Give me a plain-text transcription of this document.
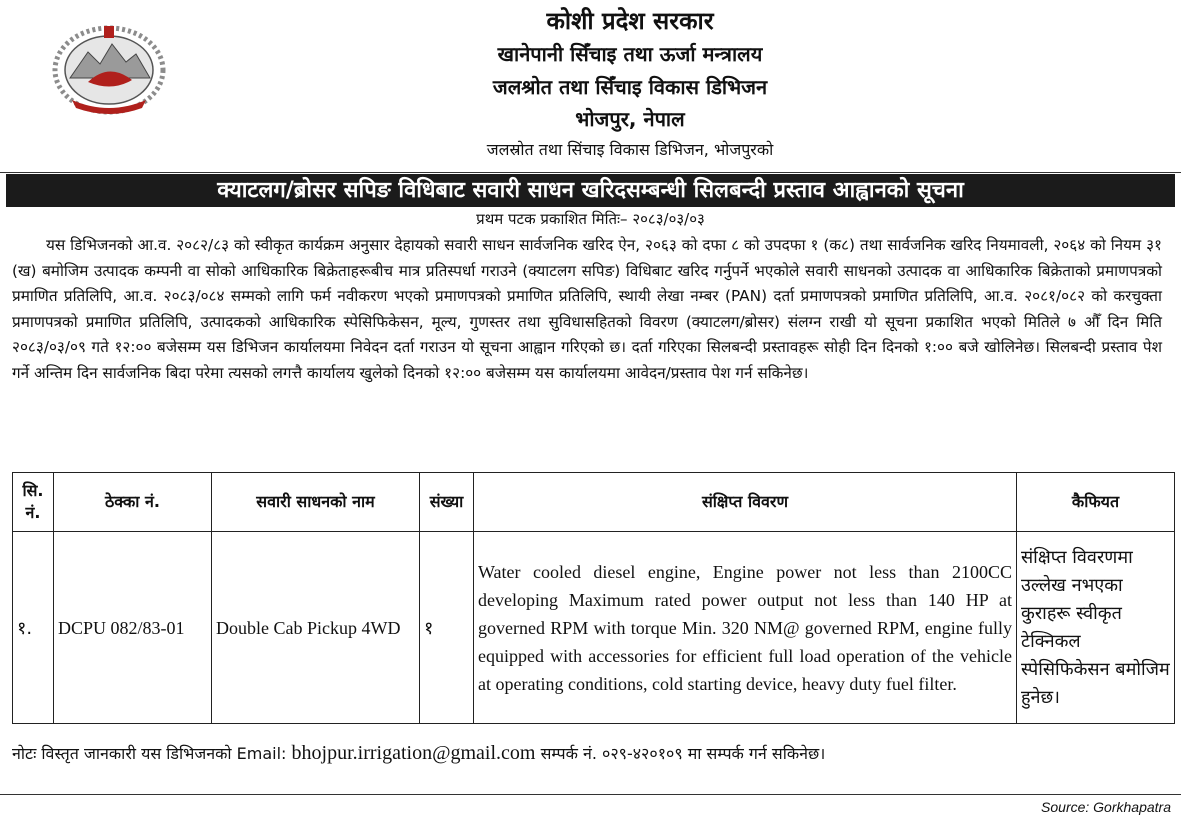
कोशी प्रदेश सरकार
खानेपानी सिँचाइ तथा ऊर्जा मन्त्रालय
जलश्रोत तथा सिँचाइ विकास डिभिजन
भोजपुर, नेपाल
जलस्रोत तथा सिंचाइ विकास डिभिजन, भोजपुरको
क्याटलग/ब्रोसर सपिङ विधिबाट सवारी साधन खरिदसम्बन्धी सिलबन्दी प्रस्ताव आह्वानको सूचना
प्रथम पटक प्रकाशित मितिः– २०८३/०३/०३
यस डिभिजनको आ.व. २०८२/८३ को स्वीकृत कार्यक्रम अनुसार देहायको सवारी साधन सार्वजनिक खरिद ऐन, २०६३ को दफा ८ को उपदफा १ (क८) तथा सार्वजनिक खरिद नियमावली, २०६४ को नियम ३१ (ख) बमोजिम उत्पादक कम्पनी वा सोको आधिकारिक बिक्रेताहरूबीच मात्र प्रतिस्पर्धा गराउने (क्याटलग सपिङ) विधिबाट खरिद गर्नुपर्ने भएकोले सवारी साधनको उत्पादक वा आधिकारिक बिक्रेताको प्रमाणपत्रको प्रमाणित प्रतिलिपि, आ.व. २०८३/०८४ सम्मको लागि फर्म नवीकरण भएको प्रमाणपत्रको प्रमाणित प्रतिलिपि, स्थायी लेखा नम्बर (PAN) दर्ता प्रमाणपत्रको प्रमाणित प्रतिलिपि, आ.व. २०८१/०८२ को करचुक्ता प्रमाणपत्रको प्रमाणित प्रतिलिपि, उत्पादकको आधिकारिक स्पेसिफिकेसन, मूल्य, गुणस्तर तथा सुविधासहितको विवरण (क्याटलग/ब्रोसर) संलग्न राखी यो सूचना प्रकाशित भएको मितिले ७ औँ दिन मिति २०८३/०३/०९ गते १२:०० बजेसम्म यस डिभिजन कार्यालयमा निवेदन दर्ता गराउन यो सूचना आह्वान गरिएको छ। दर्ता गरिएका सिलबन्दी प्रस्तावहरू सोही दिन दिनको १:०० बजे खोलिनेछ। सिलबन्दी प्रस्ताव पेश गर्ने अन्तिम दिन सार्वजनिक बिदा परेमा त्यसको लगत्तै कार्यालय खुलेको दिनको १२:०० बजेसम्म यस कार्यालयमा आवेदन/प्रस्ताव पेश गर्न सकिनेछ।
सि. नं.	ठेक्का नं.	सवारी साधनको नाम	संख्या	संक्षिप्त विवरण	कैफियत
१.	DCPU 082/83-01	Double Cab Pickup 4WD	१	Water cooled diesel engine, Engine power not less than 2100CC developing Maximum rated power output not less than 140 HP at governed RPM with torque Min. 320 NM@ governed RPM, engine fully equipped with accessories for efficient full load operation of the vehicle at operating conditions, cold starting device, heavy duty fuel filter.	संक्षिप्त विवरणमा उल्लेख नभएका कुराहरू स्वीकृत टेक्निकल स्पेसिफिकेसन बमोजिम हुनेछ।
नोटः विस्तृत जानकारी यस डिभिजनको Email: bhojpur.irrigation@gmail.com सम्पर्क नं. ०२९-४२०१०९ मा सम्पर्क गर्न सकिनेछ।
Source: Gorkhapatra
